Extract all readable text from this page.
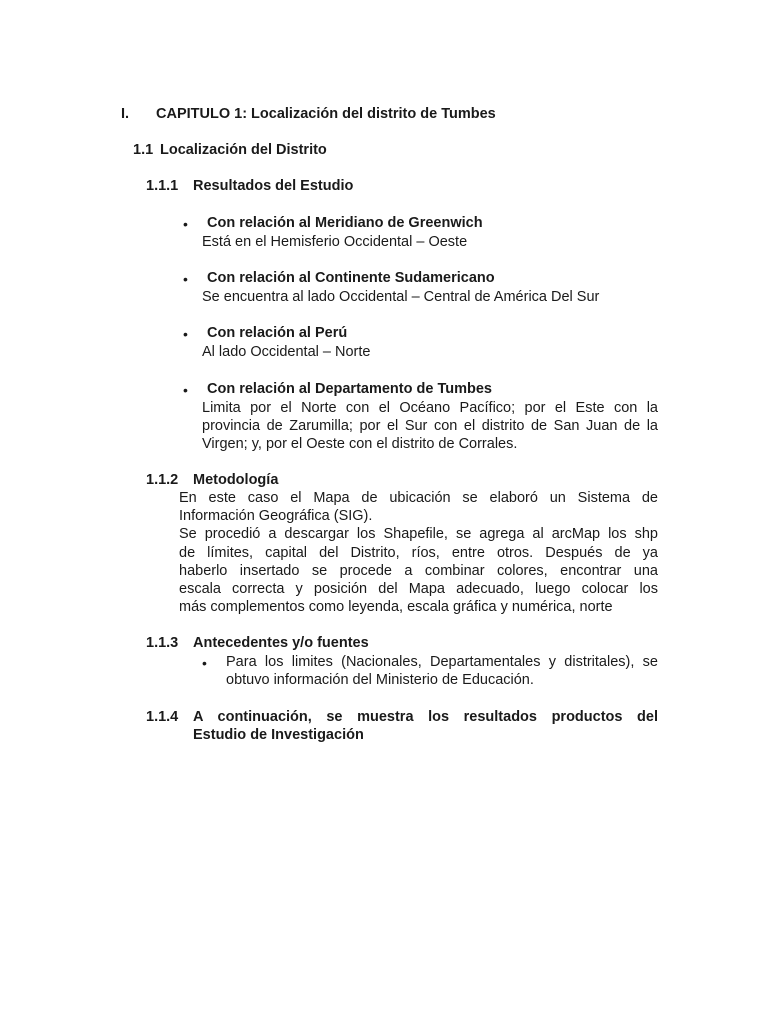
I. CAPITULO 1: Localización del distrito de Tumbes
1.1 Localización del Distrito
1.1.1 Resultados del Estudio
• Con relación al Meridiano de Greenwich
Está en el Hemisferio Occidental – Oeste
• Con relación al Continente Sudamericano
Se encuentra al lado Occidental – Central de América Del Sur
• Con relación al Perú
Al lado Occidental – Norte
• Con relación al Departamento de Tumbes
Limita por el Norte con el Océano Pacífico; por el Este con la
provincia de Zarumilla; por el Sur con el distrito de San Juan de la
Virgen; y, por el Oeste con el distrito de Corrales.
1.1.2 Metodología
En este caso el Mapa de ubicación se elaboró un Sistema de
Información Geográfica (SIG).
Se procedió a descargar los Shapefile, se agrega al arcMap los shp
de límites, capital del Distrito, ríos, entre otros. Después de ya
haberlo insertado se procede a combinar colores, encontrar una
escala correcta y posición del Mapa adecuado, luego colocar los
más complementos como leyenda, escala gráfica y numérica, norte
1.1.3 Antecedentes y/o fuentes
• Para los limites (Nacionales, Departamentales y distritales), se
obtuvo información del Ministerio de Educación.
1.1.4 A continuación, se muestra los resultados productos del
Estudio de Investigación
